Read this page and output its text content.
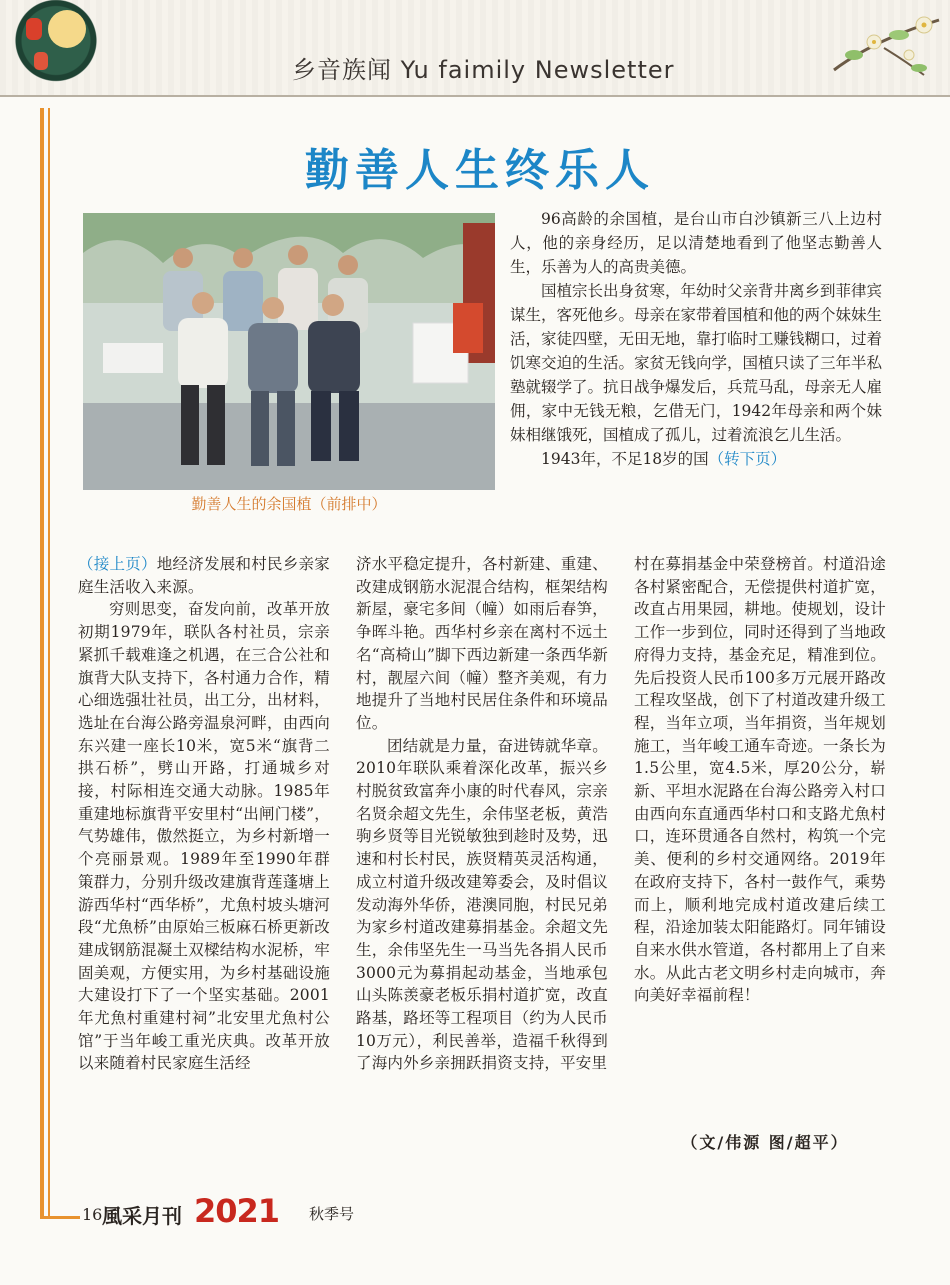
乡音族闻 Yu faimily Newsletter
勤善人生终乐人
勤善人生的余国植（前排中）

96高龄的余国植，是台山市白沙镇新三八上边村人，他的亲身经历，足以清楚地看到了他坚志勤善人生，乐善为人的高贵美德。

国植宗长出身贫寒，年幼时父亲背井离乡到菲律宾谋生，客死他乡。母亲在家带着国植和他的两个妹妹生活，家徒四壁，无田无地，靠打临时工赚钱糊口，过着饥寒交迫的生活。家贫无钱向学，国植只读了三年半私塾就辍学了。抗日战争爆发后，兵荒马乱，母亲无人雇佣，家中无钱无粮，乞借无门，1942年母亲和两个妹妹相继饿死，国植成了孤儿，过着流浪乞儿生活。

1943年，不足18岁的国（转下页）

（接上页）地经济发展和村民乡亲家庭生活收入来源。

穷则思变，奋发向前，改革开放初期1979年，联队各村社员，宗亲紧抓千载难逢之机遇，在三合公社和旗背大队支持下，各村通力合作，精心细选强壮社员，出工分，出材料，选址在台海公路旁温泉河畔，由西向东兴建一座长10米，宽5米“旗背二拱石桥”，劈山开路，打通城乡对接，村际相连交通大动脉。1985年重建地标旗背平安里村“出闸门楼”，气势雄伟，傲然挺立，为乡村新增一个亮丽景观。1989年至1990年群策群力，分别升级改建旗背莲蓬塘上游西华村“西华桥”，尤魚村坡头塘河段“尤魚桥”由原始三板麻石桥更新改建成钢筋混凝土双樑结构水泥桥，牢固美观，方便实用，为乡村基础设施大建设打下了一个坚实基础。2001年尤魚村重建村祠”北安里尤魚村公馆”于当年峻工重光庆典。改革开放以来随着村民家庭生活经

济水平稳定提升，各村新建、重建、改建成钢筋水泥混合结构，框架结构新屋，豪宅多间（幢）如雨后春笋，争晖斗艳。西华村乡亲在离村不远土名“高椅山”脚下西边新建一条西华新村，靓屋六间（幢）整齐美观，有力地提升了当地村民居住条件和环境品位。

团结就是力量，奋进铸就华章。2010年联队乘着深化改革，振兴乡村脱贫致富奔小康的时代春风，宗亲名贤余超文先生，余伟坚老板，黄浩驹乡贤等目光锐敏独到趁时及势，迅速和村长村民，族贤精英灵活构通，成立村道升级改建筹委会，及时倡议发动海外华侨，港澳同胞，村民兄弟为家乡村道改建募捐基金。余超文先生，余伟坚先生一马当先各捐人民币3000元为募捐起动基金，当地承包山头陈羡豪老板乐捐村道扩宽，改直路基，路坯等工程项目（约为人民币10万元），利民善举，造福千秋得到了海内外乡亲拥跃捐资支持，平安里

村在募捐基金中荣登榜首。村道沿途各村紧密配合，无偿提供村道扩宽，改直占用果园，耕地。使规划，设计工作一步到位，同时还得到了当地政府得力支持，基金充足，精准到位。先后投资人民币100多万元展开路改工程攻坚战，创下了村道改建升级工程，当年立项，当年捐资，当年规划施工，当年峻工通车奇迹。一条长为1.5公里，宽4.5米，厚20公分，崭新、平坦水泥路在台海公路旁入村口由西向东直通西华村口和支路尤魚村口，连环贯通各自然村，构筑一个完美、便利的乡村交通网络。2019年在政府支持下，各村一鼓作气，乘势而上，顺利地完成村道改建后续工程，沿途加装太阳能路灯。同年铺设自来水供水管道，各村都用上了自来水。从此古老文明乡村走向城市，奔向美好幸福前程！

（文/伟源 图/超平）
16 風采月刊 2021 秋季号
